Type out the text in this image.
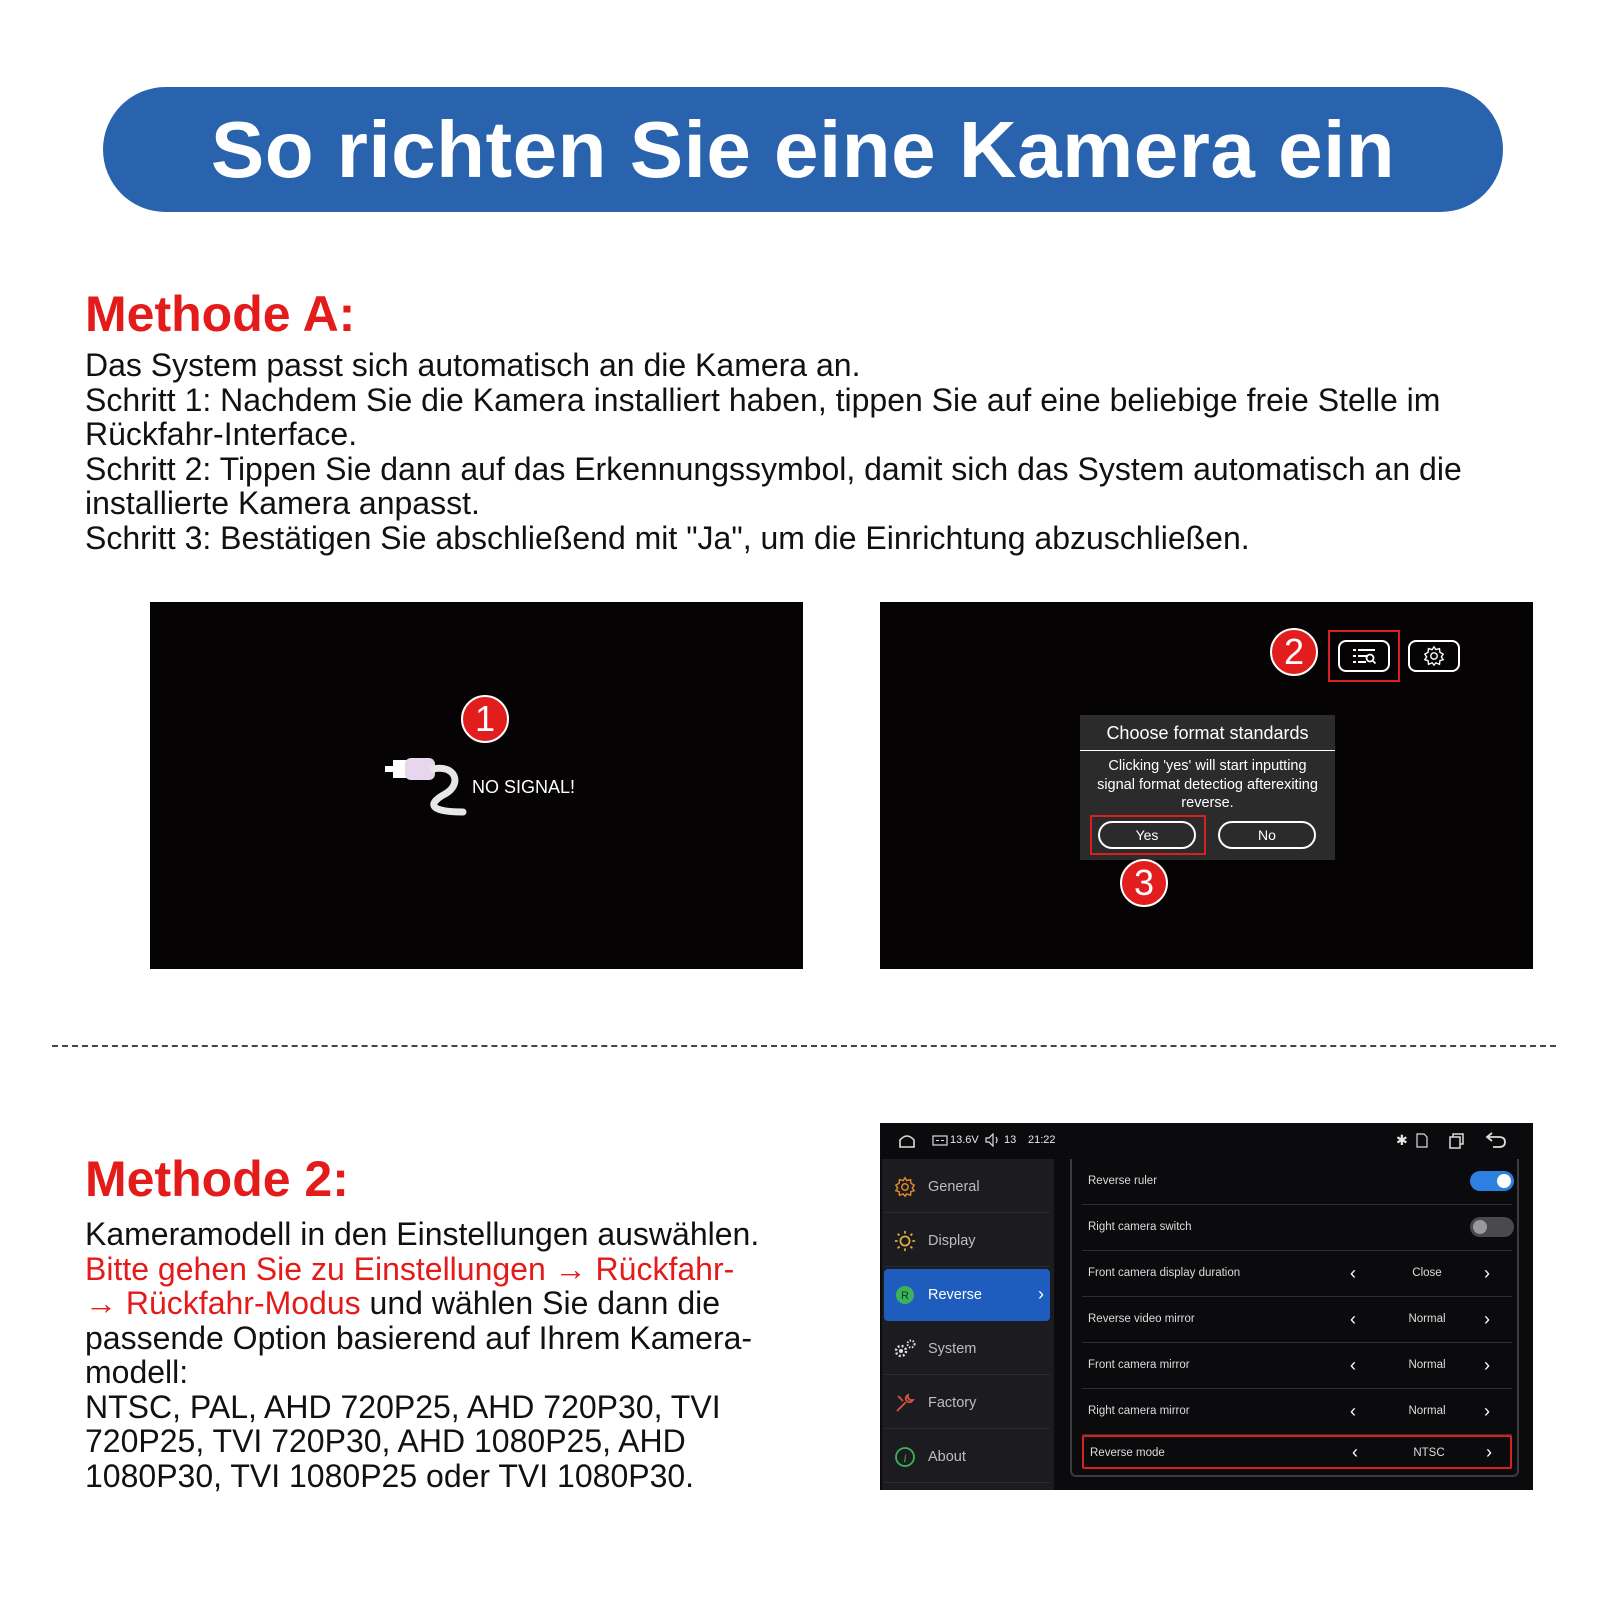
So richten Sie eine Kamera ein
Methode A:
Das System passt sich automatisch an die Kamera an.
Schritt 1: Nachdem Sie die Kamera installiert haben, tippen Sie auf eine beliebige freie Stelle im
Rückfahr-Interface.
Schritt 2: Tippen Sie dann auf das Erkennungssymbol, damit sich das System automatisch an die
installierte Kamera anpasst.
Schritt 3: Bestätigen Sie abschließend mit "Ja", um die Einrichtung abzuschließen.
1
NO SIGNAL!
2
Choose format standards
Clicking 'yes' will start inputting signal format detectiog afterexiting reverse.
Yes	No
3
Methode 2:
Kameramodell in den Einstellungen auswählen.
Bitte gehen Sie zu Einstellungen → Rückfahr-
→ Rückfahr-Modus und wählen Sie dann die
passende Option basierend auf Ihrem Kamera-
modell:
NTSC, PAL, AHD 720P25, AHD 720P30, TVI
720P25, TVI 720P30, AHD 1080P25, AHD
1080P30, TVI 1080P25 oder TVI 1080P30.
13.6V 13 21:22	✱
General
Display
R Reverse	›
System
Factory
i About
Reverse ruler
Right camera switch
Front camera display duration	‹	Close	›
Reverse video mirror	‹	Normal	›
Front camera mirror	‹	Normal	›
Right camera mirror	‹	Normal	›
Reverse mode	‹	NTSC	›
